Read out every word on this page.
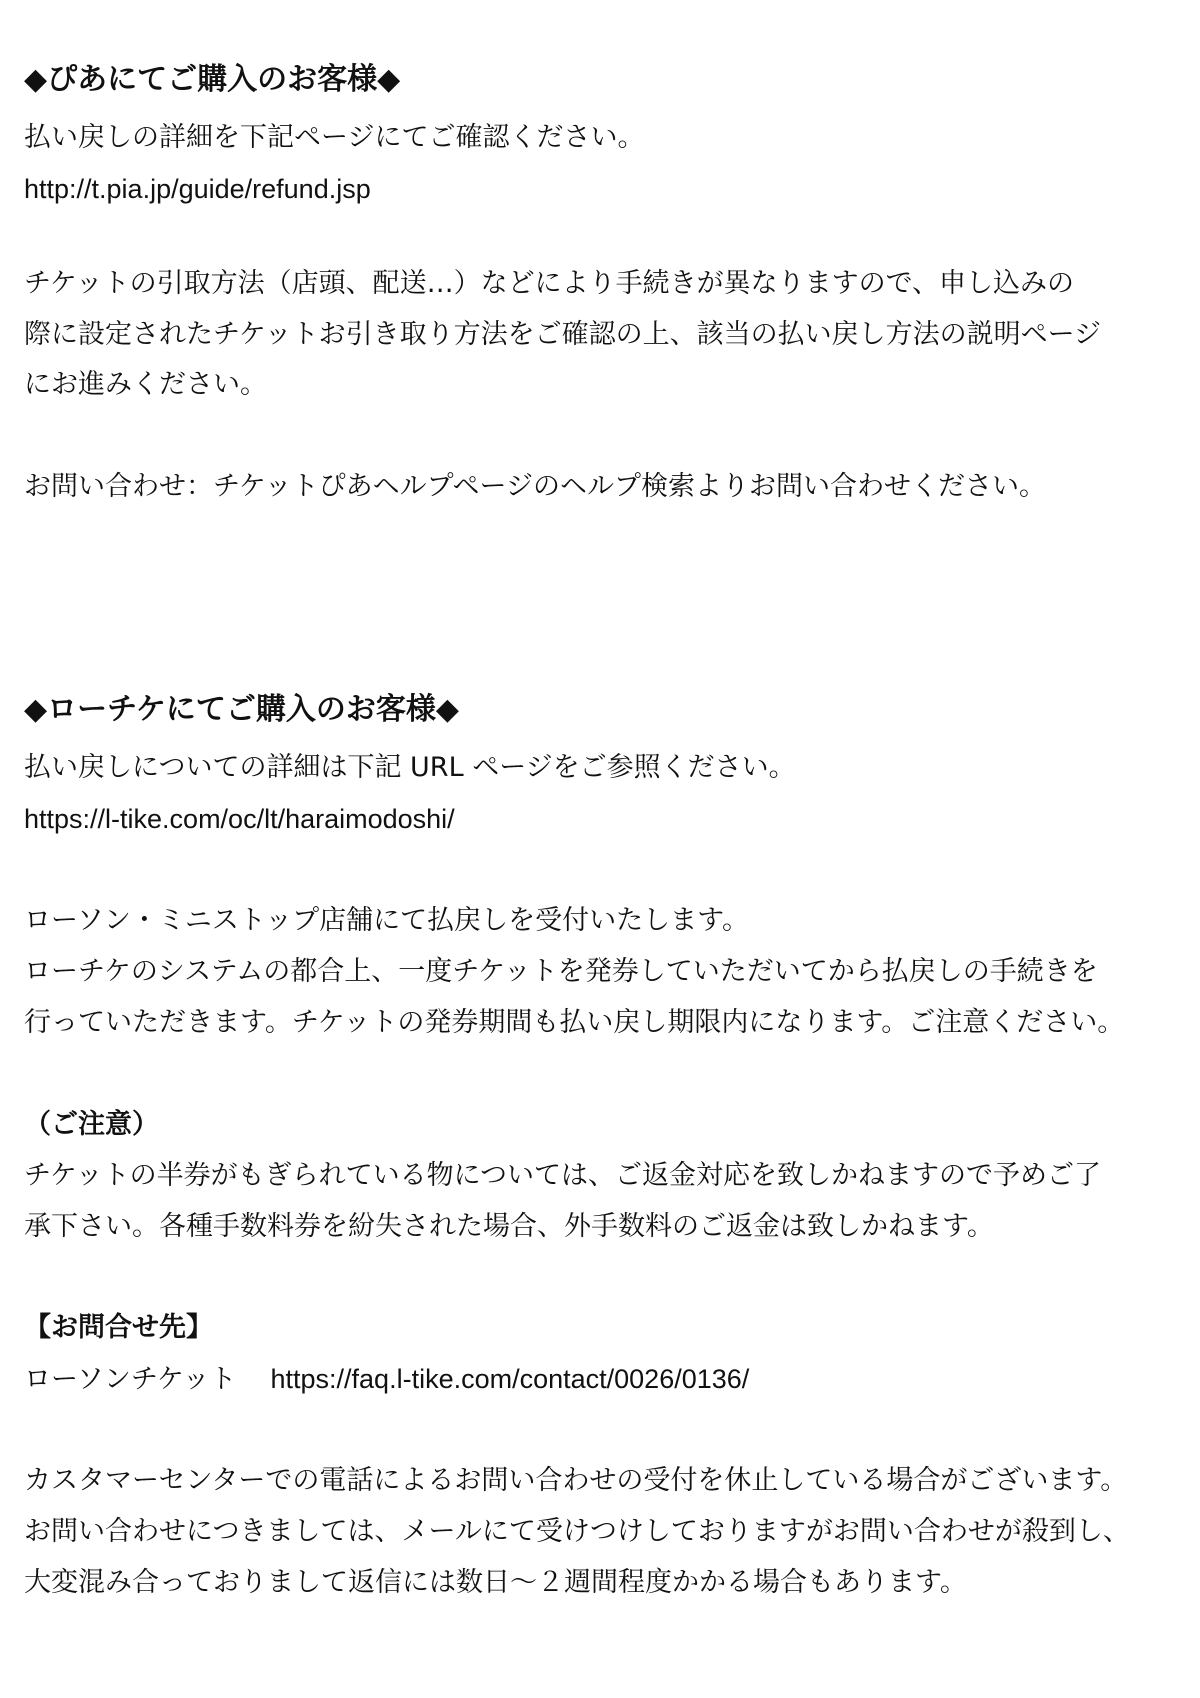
◆ぴあにてご購入のお客様◆
払い戻しの詳細を下記ページにてご確認ください。
http://t.pia.jp/guide/refund.jsp
チケットの引取方法（店頭、配送…）などにより手続きが異なりますので、申し込みの
際に設定されたチケットお引き取り方法をご確認の上、該当の払い戻し方法の説明ページ
にお進みください。
お問い合わせ：チケットぴあヘルプページのヘルプ検索よりお問い合わせください。
◆ローチケにてご購入のお客様◆
払い戻しについての詳細は下記 URL ページをご参照ください。
https://l-tike.com/oc/lt/haraimodoshi/
ローソン・ミニストップ店舗にて払戻しを受付いたします。
ローチケのシステムの都合上、一度チケットを発券していただいてから払戻しの手続きを
行っていただきます。チケットの発券期間も払い戻し期限内になります。ご注意ください。
（ご注意）
チケットの半券がもぎられている物については、ご返金対応を致しかねますので予めご了
承下さい。各種手数料券を紛失された場合、外手数料のご返金は致しかねます。
【お問合せ先】
ローソンチケット https://faq.l-tike.com/contact/0026/0136/
カスタマーセンターでの電話によるお問い合わせの受付を休止している場合がございます。
お問い合わせにつきましては、メールにて受けつけしておりますがお問い合わせが殺到し、
大変混み合っておりまして返信には数日～２週間程度かかる場合もあります。
